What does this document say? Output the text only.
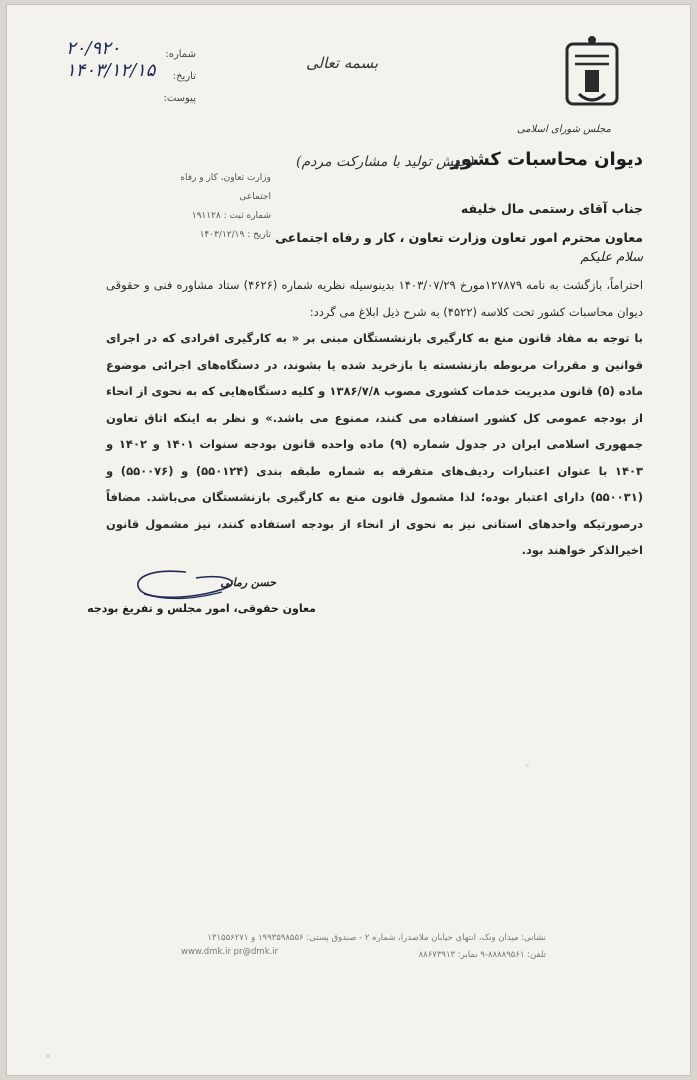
مجلس شورای اسلامی
دیوان محاسبات کشور
بسمه تعالی
(جهش تولید با مشارکت مردم)
۲۰/۹۲۰	شماره:
۱۴۰۳/۱۲/۱۵ تاریخ:
پیوست:
وزارت تعاون، کار و رفاه اجتماعی
شماره ثبت : ۱۹۱۱۲۸
تاریخ : ۱۴۰۳/۱۲/۱۹
جناب آقای رستمی مال خلیفه
معاون محترم امور تعاون وزارت تعاون ، کار و رفاه اجتماعی
سلام علیکم

احتراماً، بازگشت به نامه ۱۲۷۸۷۹مورخ ۱۴۰۳/۰۷/۲۹ بدینوسیله نظریه شماره (۴۶۲۶) ستاد مشاوره فنی و حقوقی دیوان محاسبات کشور تحت کلاسه (۴۵۲۲) به شرح ذیل ابلاغ می گردد:

با توجه به مفاد قانون منع به کارگیری بازنشستگان مبنی بر « به کارگیری افرادی که در اجرای قوانین و مقررات مربوطه بازنشسته یا بازخرید شده یا بشوند، در دستگاه‌های اجرائی موضوع ماده (۵) قانون مدیریت خدمات کشوری مصوب ۱۳۸۶/۷/۸ و کلیه دستگاه‌هایی که به نحوی از انحاء از بودجه عمومی کل کشور استفاده می کنند، ممنوع می باشد.» و نظر به اینکه اتاق تعاون جمهوری اسلامی ایران در جدول شماره (۹) ماده واحده قانون بودجه سنوات ۱۴۰۱ و ۱۴۰۲ و ۱۴۰۳ با عنوان اعتبارات ردیف‌های متفرقه به شماره طبقه بندی (۵۵۰۱۲۴) و (۵۵۰۰۷۶) و (۵۵۰۰۳۱) دارای اعتبار بوده؛ لذا مشمول قانون منع به کارگیری بازنشستگان می‌باشد. مضافاً درصورتیکه واحدهای استانی نیز به نحوی از انحاء از بودجه استفاده کنند، نیز مشمول قانون اخیرالذکر خواهند بود.

حسن رمانی
معاون حقوقی، امور مجلس و تفریغ بودجه
نشانی: میدان ونک، انتهای خیابان ملاصدرا، شماره ۲ - صندوق پستی: ۱۹۹۳۵۹۸۵۵۶ و ۱۳۱۵۵۶۲۷۱
تلفن: ۸۸۸۸۹۵۶۱-۹ نمابر: ۸۸۶۷۳۹۱۳
www.dmk.ir pr@dmk.ir
